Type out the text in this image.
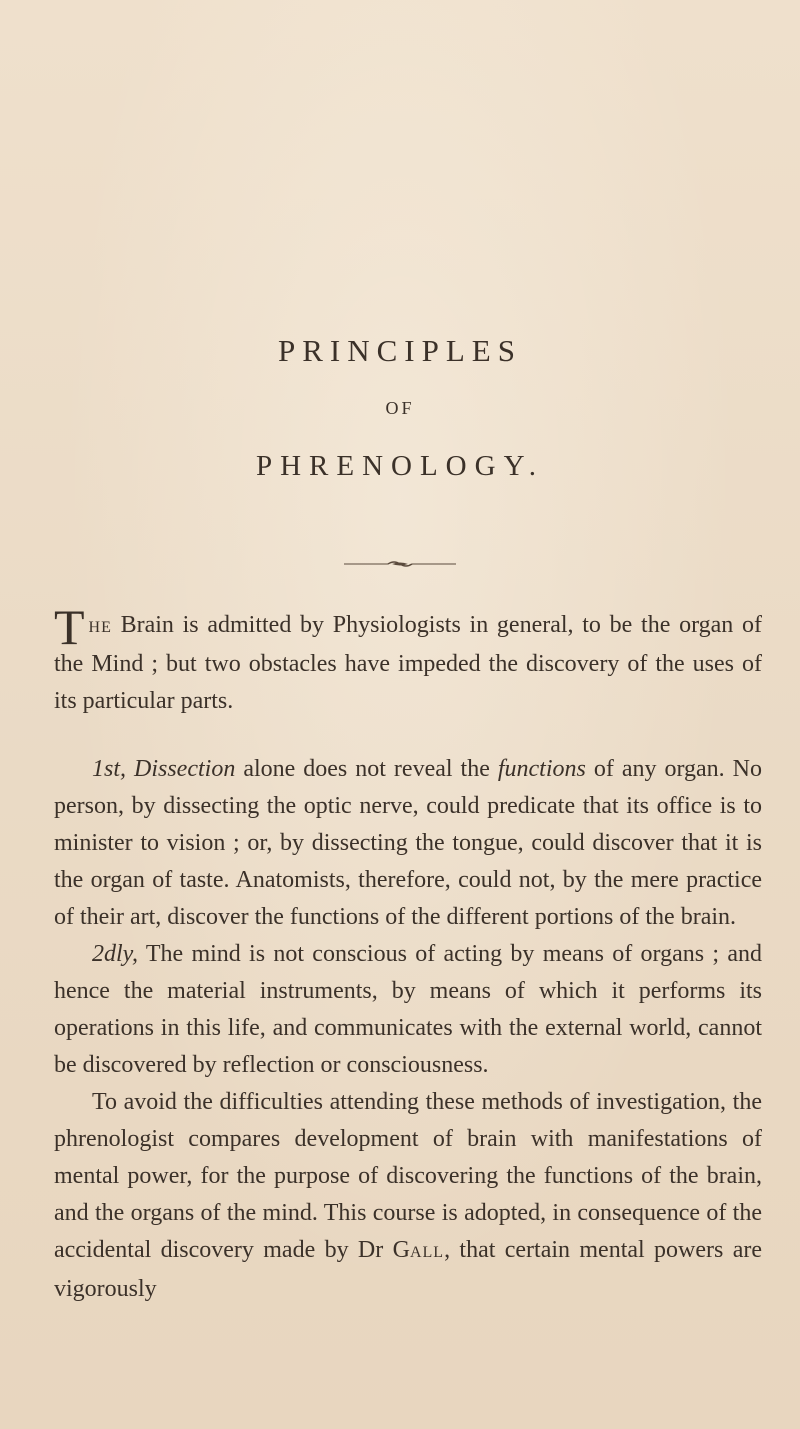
PRINCIPLES
OF
PHRENOLOGY.

THE Brain is admitted by Physiologists in general, to be the organ of the Mind ; but two obstacles have impeded the discovery of the uses of its particular parts.

1st, Dissection alone does not reveal the functions of any organ. No person, by dissecting the optic nerve, could predicate that its office is to minister to vision ; or, by dissecting the tongue, could discover that it is the organ of taste. Anatomists, therefore, could not, by the mere practice of their art, discover the functions of the different portions of the brain.

2dly, The mind is not conscious of acting by means of organs ; and hence the material instruments, by means of which it performs its operations in this life, and communicates with the external world, cannot be discovered by reflection or consciousness.

To avoid the difficulties attending these methods of investigation, the phrenologist compares development of brain with manifestations of mental power, for the purpose of discovering the functions of the brain, and the organs of the mind. This course is adopted, in consequence of the accidental discovery made by Dr GALL, that certain mental powers are vigorously
